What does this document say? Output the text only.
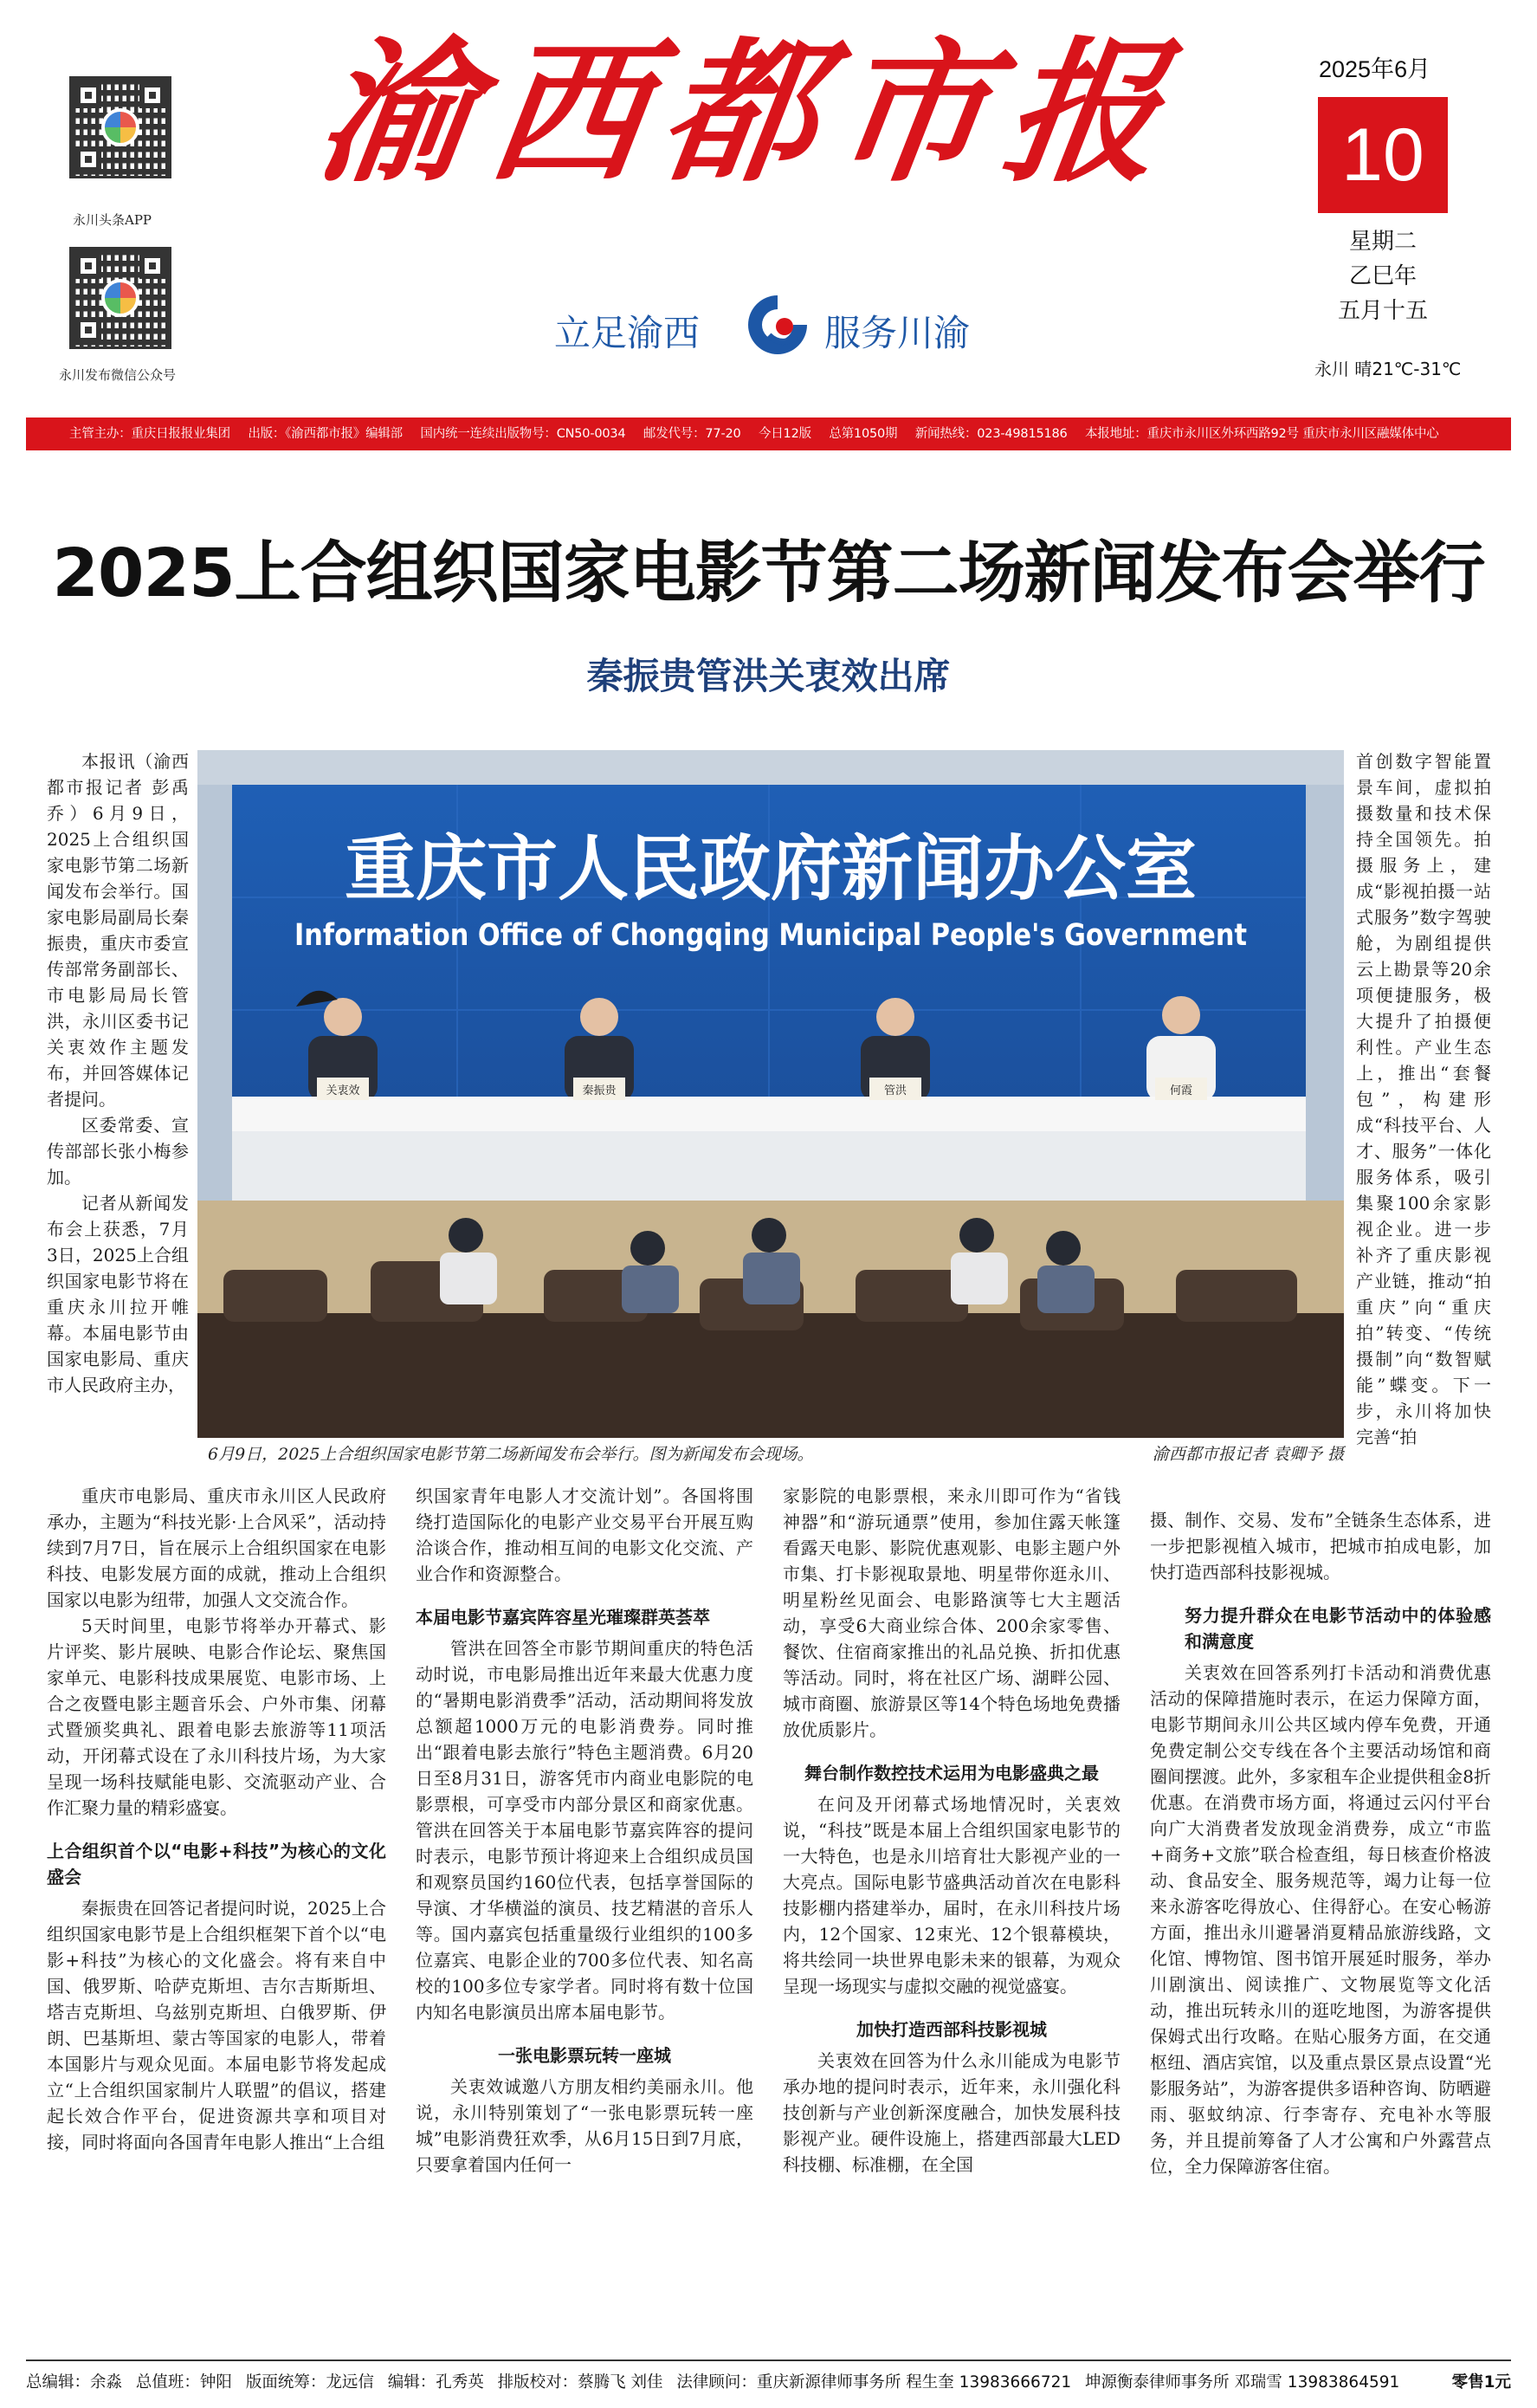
永川头条APP
永川发布微信公众号
渝西都市报
立足渝西	服务川渝
2025年6月
10
星期二
乙巳年
五月十五
永川 晴21℃-31℃
主管主办：重庆日报报业集团 出版：《渝西都市报》编辑部 国内统一连续出版物号：CN50-0034 邮发代号：77-20 今日12版 总第1050期 新闻热线：023-49815186 本报地址：重庆市永川区外环西路92号 重庆市永川区融媒体中心
2025上合组织国家电影节第二场新闻发布会举行
秦振贵管洪关衷效出席
重庆市人民政府新闻办公室
Information Office of Chongqing Municipal People's Government
关衷效	秦振贵	管洪	何霞
6月9日，2025上合组织国家电影节第二场新闻发布会举行。图为新闻发布会现场。	渝西都市报记者 袁卿予 摄

本报讯（渝西都市报记者 彭禹乔）6月9日，2025上合组织国家电影节第二场新闻发布会举行。国家电影局副局长秦振贵，重庆市委宣传部常务副部长、市电影局局长管洪，永川区委书记关衷效作主题发布，并回答媒体记者提问。

区委常委、宣传部部长张小梅参加。

记者从新闻发布会上获悉，7月3日，2025上合组织国家电影节将在重庆永川拉开帷幕。本届电影节由国家电影局、重庆市人民政府主办，

重庆市电影局、重庆市永川区人民政府承办，主题为“科技光影·上合风采”，活动持续到7月7日，旨在展示上合组织国家在电影科技、电影发展方面的成就，推动上合组织国家以电影为纽带，加强人文交流合作。

5天时间里，电影节将举办开幕式、影片评奖、影片展映、电影合作论坛、聚焦国家单元、电影科技成果展览、电影市场、上合之夜暨电影主题音乐会、户外市集、闭幕式暨颁奖典礼、跟着电影去旅游等11项活动，开闭幕式设在了永川科技片场，为大家呈现一场科技赋能电影、交流驱动产业、合作汇聚力量的精彩盛宴。

上合组织首个以“电影+科技”为核心的文化盛会

秦振贵在回答记者提问时说，2025上合组织国家电影节是上合组织框架下首个以“电影+科技”为核心的文化盛会。将有来自中国、俄罗斯、哈萨克斯坦、吉尔吉斯斯坦、塔吉克斯坦、乌兹别克斯坦、白俄罗斯、伊朗、巴基斯坦、蒙古等国家的电影人，带着本国影片与观众见面。本届电影节将发起成立“上合组织国家制片人联盟”的倡议，搭建起长效合作平台，促进资源共享和项目对接，同时将面向各国青年电影人推出“上合组

织国家青年电影人才交流计划”。各国将围绕打造国际化的电影产业交易平台开展互购洽谈合作，推动相互间的电影文化交流、产业合作和资源整合。

本届电影节嘉宾阵容星光璀璨群英荟萃

管洪在回答全市影节期间重庆的特色活动时说，市电影局推出近年来最大优惠力度的“暑期电影消费季”活动，活动期间将发放总额超1000万元的电影消费券。同时推出“跟着电影去旅行”特色主题消费。6月20日至8月31日，游客凭市内商业电影院的电影票根，可享受市内部分景区和商家优惠。管洪在回答关于本届电影节嘉宾阵容的提问时表示，电影节预计将迎来上合组织成员国和观察员国约160位代表，包括享誉国际的导演、才华横溢的演员、技艺精湛的音乐人等。国内嘉宾包括重量级行业组织的100多位嘉宾、电影企业的700多位代表、知名高校的100多位专家学者。同时将有数十位国内知名电影演员出席本届电影节。

一张电影票玩转一座城

关衷效诚邀八方朋友相约美丽永川。他说，永川特别策划了“一张电影票玩转一座城”电影消费狂欢季，从6月15日到7月底，只要拿着国内任何一

家影院的电影票根，来永川即可作为“省钱神器”和“游玩通票”使用，参加住露天帐篷看露天电影、影院优惠观影、电影主题户外市集、打卡影视取景地、明星带你逛永川、明星粉丝见面会、电影路演等七大主题活动，享受6大商业综合体、200余家零售、餐饮、住宿商家推出的礼品兑换、折扣优惠等活动。同时，将在社区广场、湖畔公园、城市商圈、旅游景区等14个特色场地免费播放优质影片。

舞台制作数控技术运用为电影盛典之最

在问及开闭幕式场地情况时，关衷效说，“科技”既是本届上合组织国家电影节的一大特色，也是永川培育壮大影视产业的一大亮点。国际电影节盛典活动首次在电影科技影棚内搭建举办，届时，在永川科技片场内，12个国家、12束光、12个银幕模块，将共绘同一块世界电影未来的银幕，为观众呈现一场现实与虚拟交融的视觉盛宴。

加快打造西部科技影视城

关衷效在回答为什么永川能成为电影节承办地的提问时表示，近年来，永川强化科技创新与产业创新深度融合，加快发展科技影视产业。硬件设施上，搭建西部最大LED科技棚、标准棚，在全国

首创数字智能置景车间，虚拟拍摄数量和技术保持全国领先。拍摄服务上，建成“影视拍摄一站式服务”数字驾驶舱，为剧组提供云上勘景等20余项便捷服务，极大提升了拍摄便利性。产业生态上，推出“套餐包”，构建形成“科技平台、人才、服务”一体化服务体系，吸引集聚100余家影视企业。进一步补齐了重庆影视产业链，推动“拍重庆”向“重庆拍”转变、“传统摄制”向“数智赋能”蝶变。下一步，永川将加快完善“拍

摄、制作、交易、发布”全链条生态体系，进一步把影视植入城市，把城市拍成电影，加快打造西部科技影视城。

努力提升群众在电影节活动中的体验感和满意度

关衷效在回答系列打卡活动和消费优惠活动的保障措施时表示，在运力保障方面，电影节期间永川公共区域内停车免费，开通免费定制公交专线在各个主要活动场馆和商圈间摆渡。此外，多家租车企业提供租金8折优惠。在消费市场方面，将通过云闪付平台向广大消费者发放现金消费券，成立“市监+商务+文旅”联合检查组，每日核查价格波动、食品安全、服务规范等，竭力让每一位来永游客吃得放心、住得舒心。在安心畅游方面，推出永川避暑消夏精品旅游线路，文化馆、博物馆、图书馆开展延时服务，举办川剧演出、阅读推广、文物展览等文化活动，推出玩转永川的逛吃地图，为游客提供保姆式出行攻略。在贴心服务方面，在交通枢纽、酒店宾馆，以及重点景区景点设置“光影服务站”，为游客提供多语种咨询、防晒避雨、驱蚊纳凉、行李寄存、充电补水等服务，并且提前筹备了人才公寓和户外露营点位，全力保障游客住宿。

总编辑：余淼 总值班：钟阳 版面统筹：龙远信 编辑：孔秀英 排版校对：蔡腾飞 刘佳 法律顾问：重庆新源律师事务所 程生奎 13983666721 坤源衡泰律师事务所 邓瑞雪 13983864591	零售1元
